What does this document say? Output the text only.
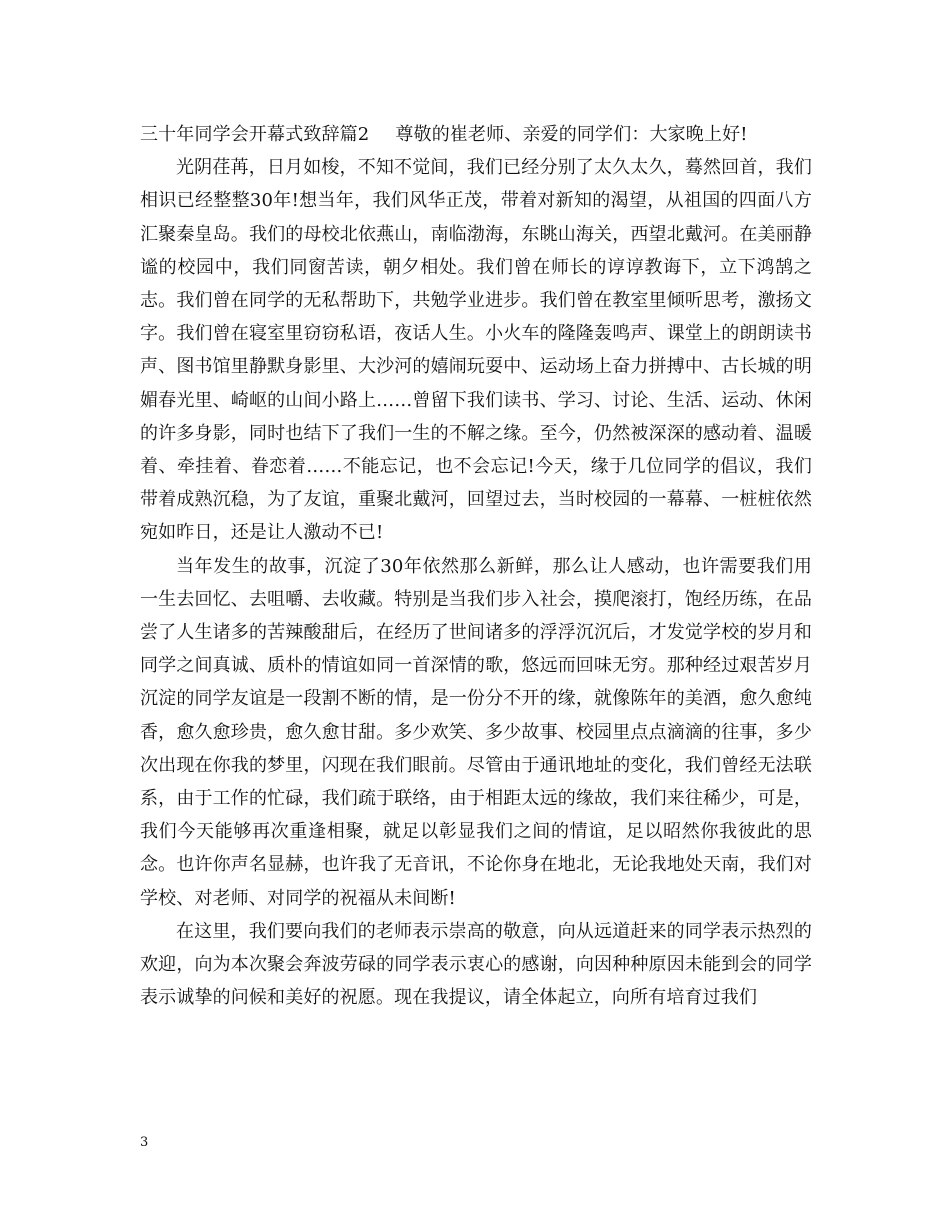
三十年同学会开幕式致辞篇2 尊敬的崔老师、亲爱的同学们：大家晚上好!

光阴荏苒，日月如梭，不知不觉间，我们已经分别了太久太久，蓦然回首，我们相识已经整整30年!想当年，我们风华正茂，带着对新知的渴望，从祖国的四面八方汇聚秦皇岛。我们的母校北依燕山，南临渤海，东眺山海关，西望北戴河。在美丽静谧的校园中，我们同窗苦读，朝夕相处。我们曾在师长的谆谆教诲下，立下鸿鹄之志。我们曾在同学的无私帮助下，共勉学业进步。我们曾在教室里倾听思考，激扬文字。我们曾在寝室里窃窃私语，夜话人生。小火车的隆隆轰鸣声、课堂上的朗朗读书声、图书馆里静默身影里、大沙河的嬉闹玩耍中、运动场上奋力拼搏中、古长城的明媚春光里、崎岖的山间小路上……曾留下我们读书、学习、讨论、生活、运动、休闲的许多身影，同时也结下了我们一生的不解之缘。至今，仍然被深深的感动着、温暖着、牵挂着、眷恋着……不能忘记，也不会忘记!今天，缘于几位同学的倡议，我们带着成熟沉稳，为了友谊，重聚北戴河，回望过去，当时校园的一幕幕、一桩桩依然宛如昨日，还是让人激动不已!

当年发生的故事，沉淀了30年依然那么新鲜，那么让人感动，也许需要我们用一生去回忆、去咀嚼、去收藏。特别是当我们步入社会，摸爬滚打，饱经历练，在品尝了人生诸多的苦辣酸甜后，在经历了世间诸多的浮浮沉沉后，才发觉学校的岁月和同学之间真诚、质朴的情谊如同一首深情的歌，悠远而回味无穷。那种经过艰苦岁月沉淀的同学友谊是一段割不断的情，是一份分不开的缘，就像陈年的美酒，愈久愈纯香，愈久愈珍贵，愈久愈甘甜。多少欢笑、多少故事、校园里点点滴滴的往事，多少次出现在你我的梦里，闪现在我们眼前。尽管由于通讯地址的变化，我们曾经无法联系，由于工作的忙碌，我们疏于联络，由于相距太远的缘故，我们来往稀少，可是，我们今天能够再次重逢相聚，就足以彰显我们之间的情谊，足以昭然你我彼此的思念。也许你声名显赫，也许我了无音讯，不论你身在地北，无论我地处天南，我们对学校、对老师、对同学的祝福从未间断!

在这里，我们要向我们的老师表示崇高的敬意，向从远道赶来的同学表示热烈的欢迎，向为本次聚会奔波劳碌的同学表示衷心的感谢，向因种种原因未能到会的同学表示诚挚的问候和美好的祝愿。现在我提议，请全体起立，向所有培育过我们

3
